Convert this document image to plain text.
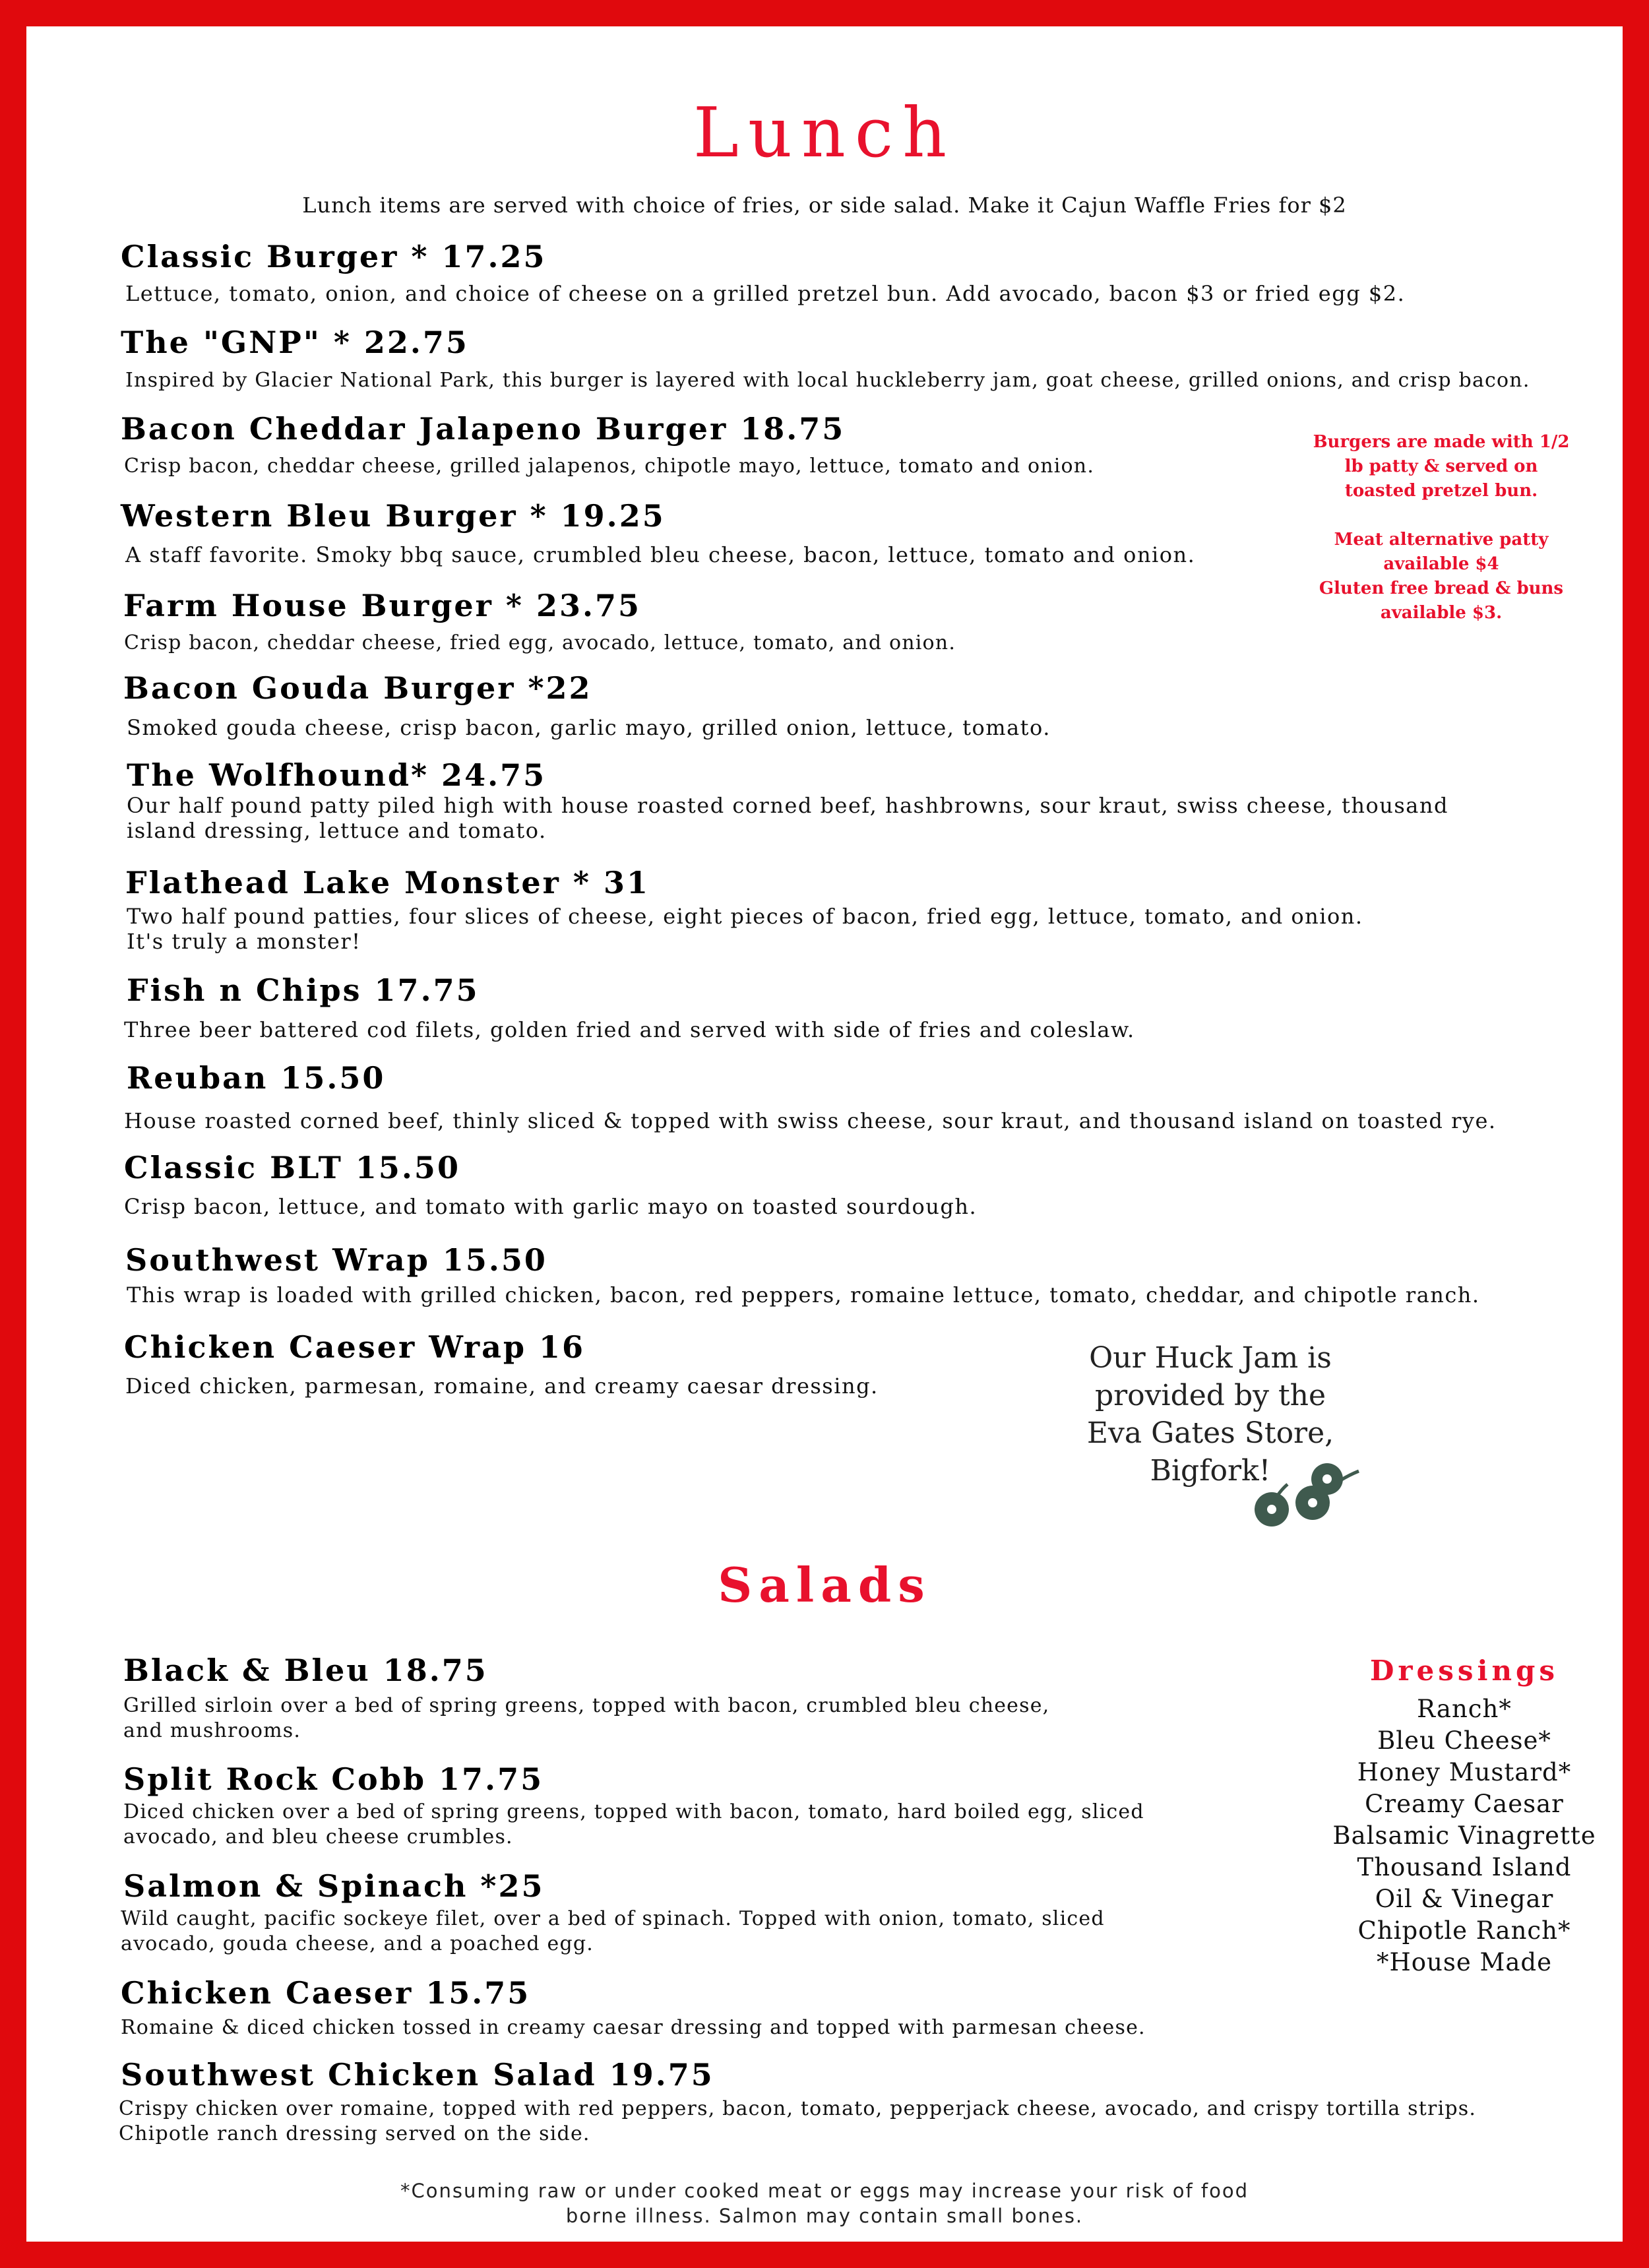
Lunch
Lunch items are served with choice of fries, or side salad. Make it Cajun Waffle Fries for $2
Classic Burger * 17.25
Lettuce, tomato, onion, and choice of cheese on a grilled pretzel bun. Add avocado, bacon $3 or fried egg $2.
The "GNP" * 22.75
Inspired by Glacier National Park, this burger is layered with local huckleberry jam, goat cheese, grilled onions, and crisp bacon.
Bacon Cheddar Jalapeno Burger 18.75
Crisp bacon, cheddar cheese, grilled jalapenos, chipotle mayo, lettuce, tomato and onion.
Western Bleu Burger * 19.25
A staff favorite. Smoky bbq sauce, crumbled bleu cheese, bacon, lettuce, tomato and onion.
Farm House Burger * 23.75
Crisp bacon, cheddar cheese, fried egg, avocado, lettuce, tomato, and onion.
Bacon Gouda Burger *22
Smoked gouda cheese, crisp bacon, garlic mayo, grilled onion, lettuce, tomato.
The Wolfhound* 24.75
Our half pound patty piled high with house roasted corned beef, hashbrowns, sour kraut, swiss cheese, thousand
island dressing, lettuce and tomato.
Flathead Lake Monster * 31
Two half pound patties, four slices of cheese, eight pieces of bacon, fried egg, lettuce, tomato, and onion.
It's truly a monster!
Fish n Chips 17.75
Three beer battered cod filets, golden fried and served with side of fries and coleslaw.
Reuban 15.50
House roasted corned beef, thinly sliced & topped with swiss cheese, sour kraut, and thousand island on toasted rye.
Classic BLT 15.50
Crisp bacon, lettuce, and tomato with garlic mayo on toasted sourdough.
Southwest Wrap 15.50
This wrap is loaded with grilled chicken, bacon, red peppers, romaine lettuce, tomato, cheddar, and chipotle ranch.
Chicken Caeser Wrap 16
Diced chicken, parmesan, romaine, and creamy caesar dressing.
Burgers are made with 1/2
lb patty & served on
toasted pretzel bun.

Meat alternative patty
available $4
Gluten free bread & buns
available $3.
Our Huck Jam is
provided by the
Eva Gates Store,
Bigfork!
Salads
Black & Bleu 18.75
Grilled sirloin over a bed of spring greens, topped with bacon, crumbled bleu cheese,
and mushrooms.
Split Rock Cobb 17.75
Diced chicken over a bed of spring greens, topped with bacon, tomato, hard boiled egg, sliced
avocado, and bleu cheese crumbles.
Salmon & Spinach *25
Wild caught, pacific sockeye filet, over a bed of spinach. Topped with onion, tomato, sliced
avocado, gouda cheese, and a poached egg.
Chicken Caeser 15.75
Romaine & diced chicken tossed in creamy caesar dressing and topped with parmesan cheese.
Southwest Chicken Salad 19.75
Crispy chicken over romaine, topped with red peppers, bacon, tomato, pepperjack cheese, avocado, and crispy tortilla strips.
Chipotle ranch dressing served on the side.
Dressings
Ranch*
Bleu Cheese*
Honey Mustard*
Creamy Caesar
Balsamic Vinagrette
Thousand Island
Oil & Vinegar
Chipotle Ranch*
*House Made
*Consuming raw or under cooked meat or eggs may increase your risk of food
borne illness. Salmon may contain small bones.
